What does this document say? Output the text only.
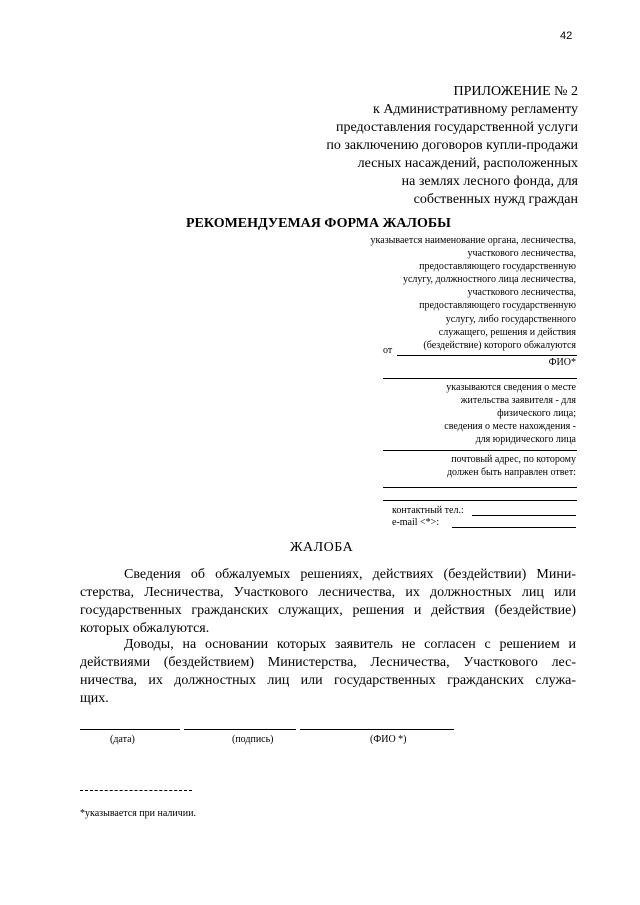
42
ПРИЛОЖЕНИЕ № 2
к Административному регламенту
предоставления государственной услуги
по заключению договоров купли-продажи
лесных насаждений, расположенных
на землях лесного фонда, для
собственных нужд граждан
РЕКОМЕНДУЕМАЯ ФОРМА ЖАЛОБЫ
указывается наименование органа, лесничества,
участкового лесничества,
предоставляющего государственную
услугу, должностного лица лесничества,
участкового лесничества,
предоставляющего государственную
услугу, либо государственного
служащего, решения и действия
(бездействие) которого обжалуются
от
ФИО*
указываются сведения о месте
жительства заявителя - для
физического лица;
сведения о месте нахождения -
для юридического лица
почтовый адрес, по которому
должен быть направлен ответ:
контактный тел.:
e-mail <*>:
ЖАЛОБА
Сведения об обжалуемых решениях, действиях (бездействии) Мини-
стерства, Лесничества, Участкового лесничества, их должностных лиц или
государственных гражданских служащих, решения и действия (бездействие)
которых обжалуются.
Доводы, на основании которых заявитель не согласен с решением и
действиями (бездействием) Министерства, Лесничества, Участкового лес-
ничества, их должностных лиц или государственных гражданских служа-
щих.
(дата)	(подпись)	(ФИО *)
*указывается при наличии.
